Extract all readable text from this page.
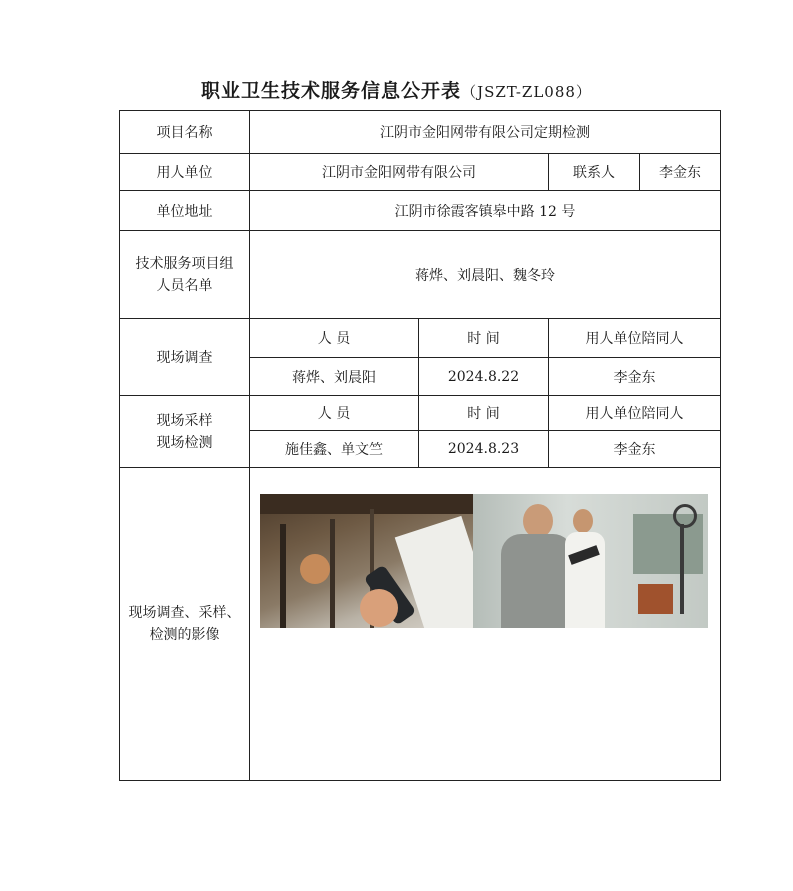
职业卫生技术服务信息公开表（JSZT-ZL088）
项目名称	江阴市金阳网带有限公司定期检测			
用人单位	江阴市金阳网带有限公司		联系人	李金东
单位地址	江阴市徐霞客镇皋中路 12 号			

技术服务项目组
人员名单	蒋烨、刘晨阳、魏冬玲			
现场调查	人 员	时 间	用人单位陪同人	
	蒋烨、刘晨阳	2024.8.22	李金东	

现场采样
现场检测	人 员	时 间	用人单位陪同人	
	施佳鑫、单文竺	2024.8.23	李金东	

现场调查、采样、
检测的影像				
